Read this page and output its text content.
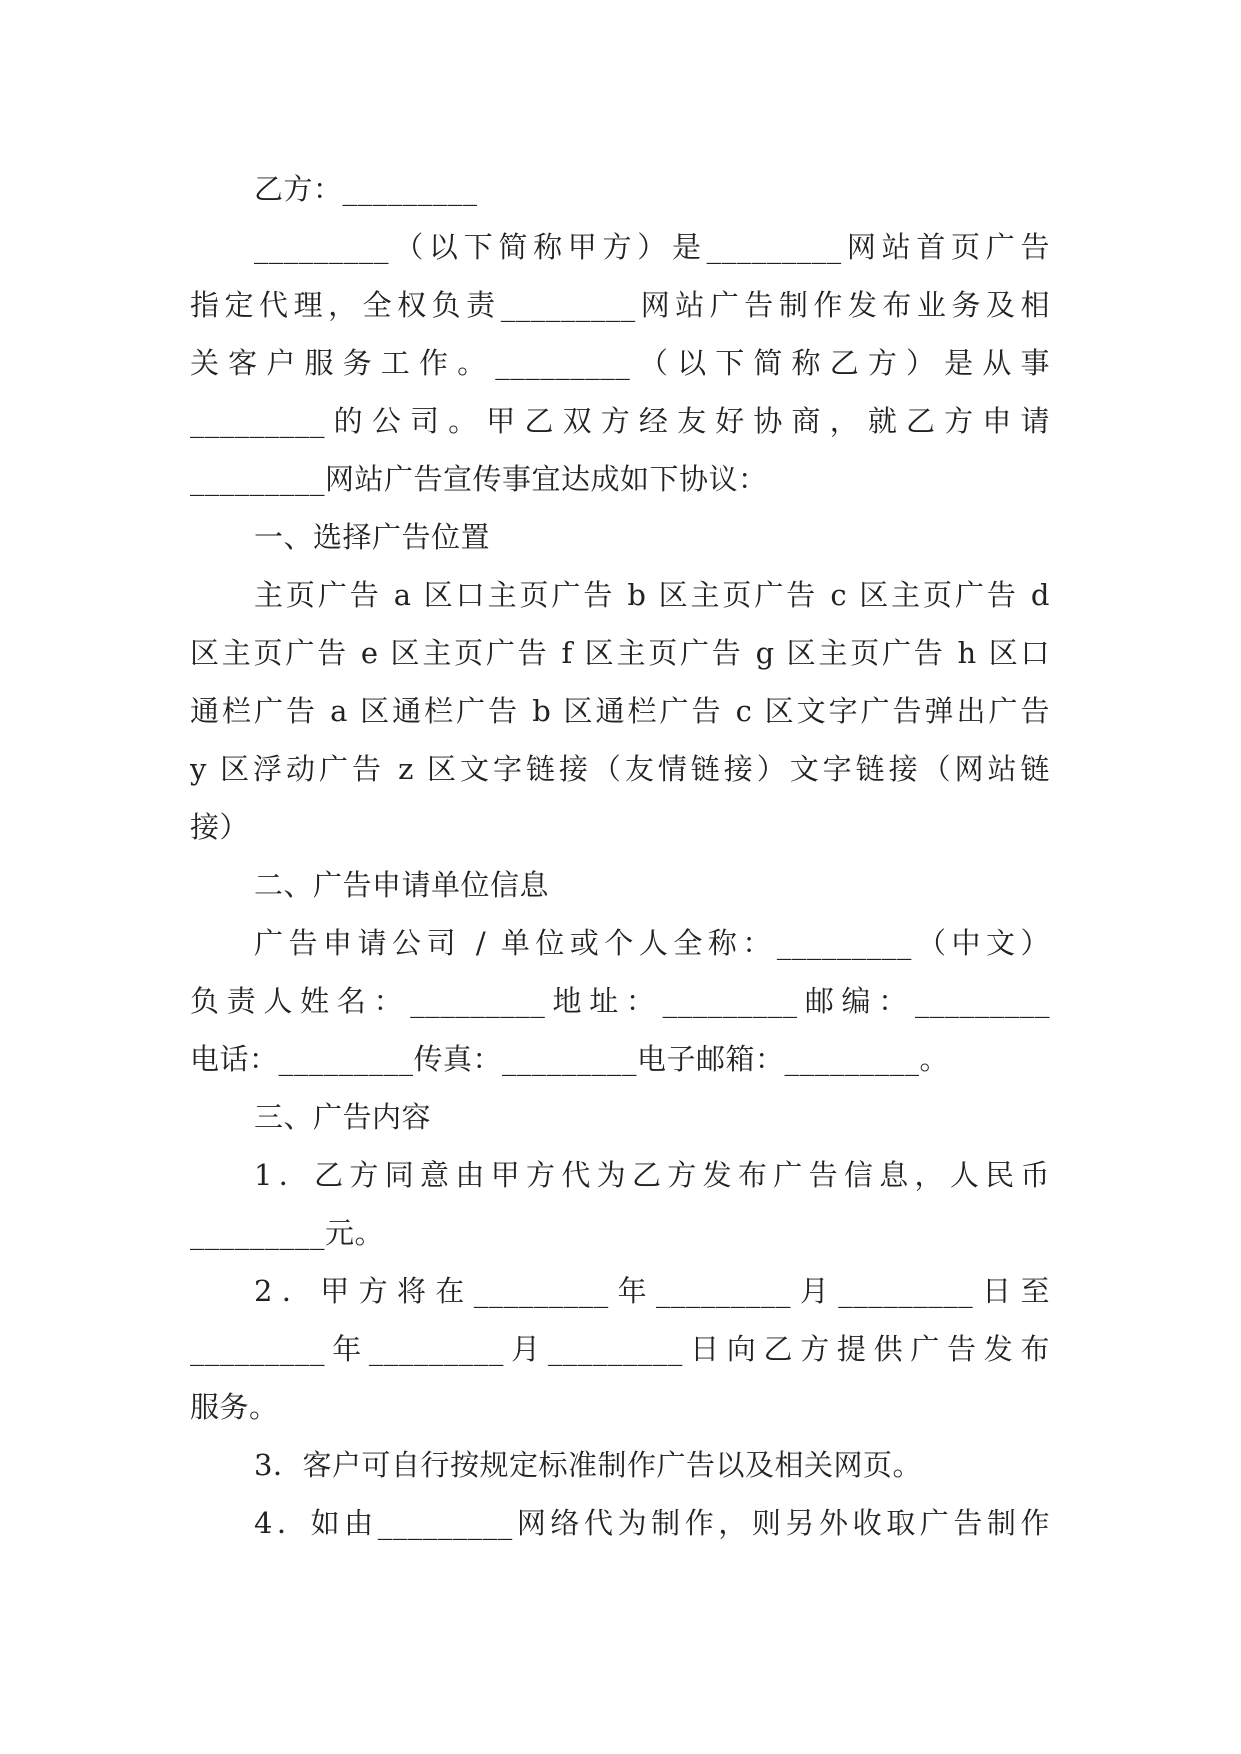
乙方：_________
_________（以下简称甲方）是_________网站首页广告
指定代理，全权负责_________网站广告制作发布业务及相
关客户服务工作。_________（以下简称乙方）是从事
_________的公司。甲乙双方经友好协商，就乙方申请
_________网站广告宣传事宜达成如下协议：
一、选择广告位置
主页广告 a 区口主页广告 b 区主页广告 c 区主页广告 d
区主页广告 e 区主页广告 f 区主页广告 g 区主页广告 h 区口
通栏广告 a 区通栏广告 b 区通栏广告 c 区文字广告弹出广告
y 区浮动广告 z 区文字链接（友情链接）文字链接（网站链
接）
二、广告申请单位信息
广告申请公司 / 单位或个人全称：_________（中文）
负责人姓名：_________地址：_________邮编：_________
电话：_________传真：_________电子邮箱：_________。
三、广告内容
1．乙方同意由甲方代为乙方发布广告信息，人民币
_________元。
2．甲方将在_________年_________月_________日至
_________年_________月_________日向乙方提供广告发布
服务。
3．客户可自行按规定标准制作广告以及相关网页。
4．如由_________网络代为制作，则另外收取广告制作
